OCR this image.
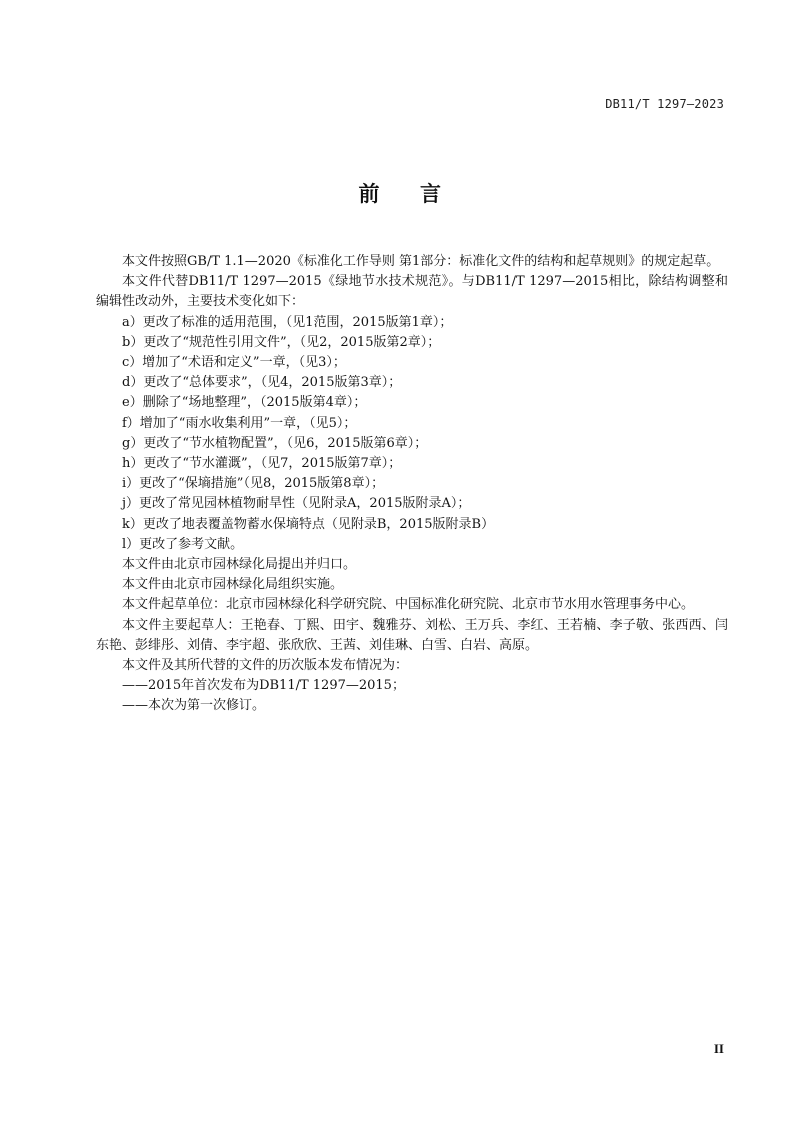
DB11/T 1297—2023
前 言

本文件按照GB/T 1.1—2020《标准化工作导则 第1部分：标准化文件的结构和起草规则》的规定起草。

本文件代替DB11/T 1297—2015《绿地节水技术规范》。与DB11/T 1297—2015相比，除结构调整和编辑性改动外，主要技术变化如下：

a）更改了标准的适用范围，（见1范围，2015版第1章）；

b）更改了“规范性引用文件”，（见2，2015版第2章）；

c）增加了“术语和定义”一章，（见3）；

d）更改了“总体要求”，（见4，2015版第3章）；

e）删除了“场地整理”，（2015版第4章）；

f）增加了“雨水收集利用”一章，（见5）；

g）更改了“节水植物配置”，（见6，2015版第6章）；

h）更改了“节水灌溉”，（见7，2015版第7章）；

i）更改了“保墒措施”（见8，2015版第8章）；

j）更改了常见园林植物耐旱性（见附录A，2015版附录A）；

k）更改了地表覆盖物蓄水保墒特点（见附录B，2015版附录B）

l）更改了参考文献。

本文件由北京市园林绿化局提出并归口。

本文件由北京市园林绿化局组织实施。

本文件起草单位：北京市园林绿化科学研究院、中国标准化研究院、北京市节水用水管理事务中心。

本文件主要起草人：王艳春、丁熙、田宇、魏雅芬、刘松、王万兵、李红、王若楠、李子敬、张西西、闫东艳、彭绯彤、刘倩、李宇超、张欣欣、王茜、刘佳琳、白雪、白岩、高原。

本文件及其所代替的文件的历次版本发布情况为：

——2015年首次发布为DB11/T 1297—2015；

——本次为第一次修订。

II
